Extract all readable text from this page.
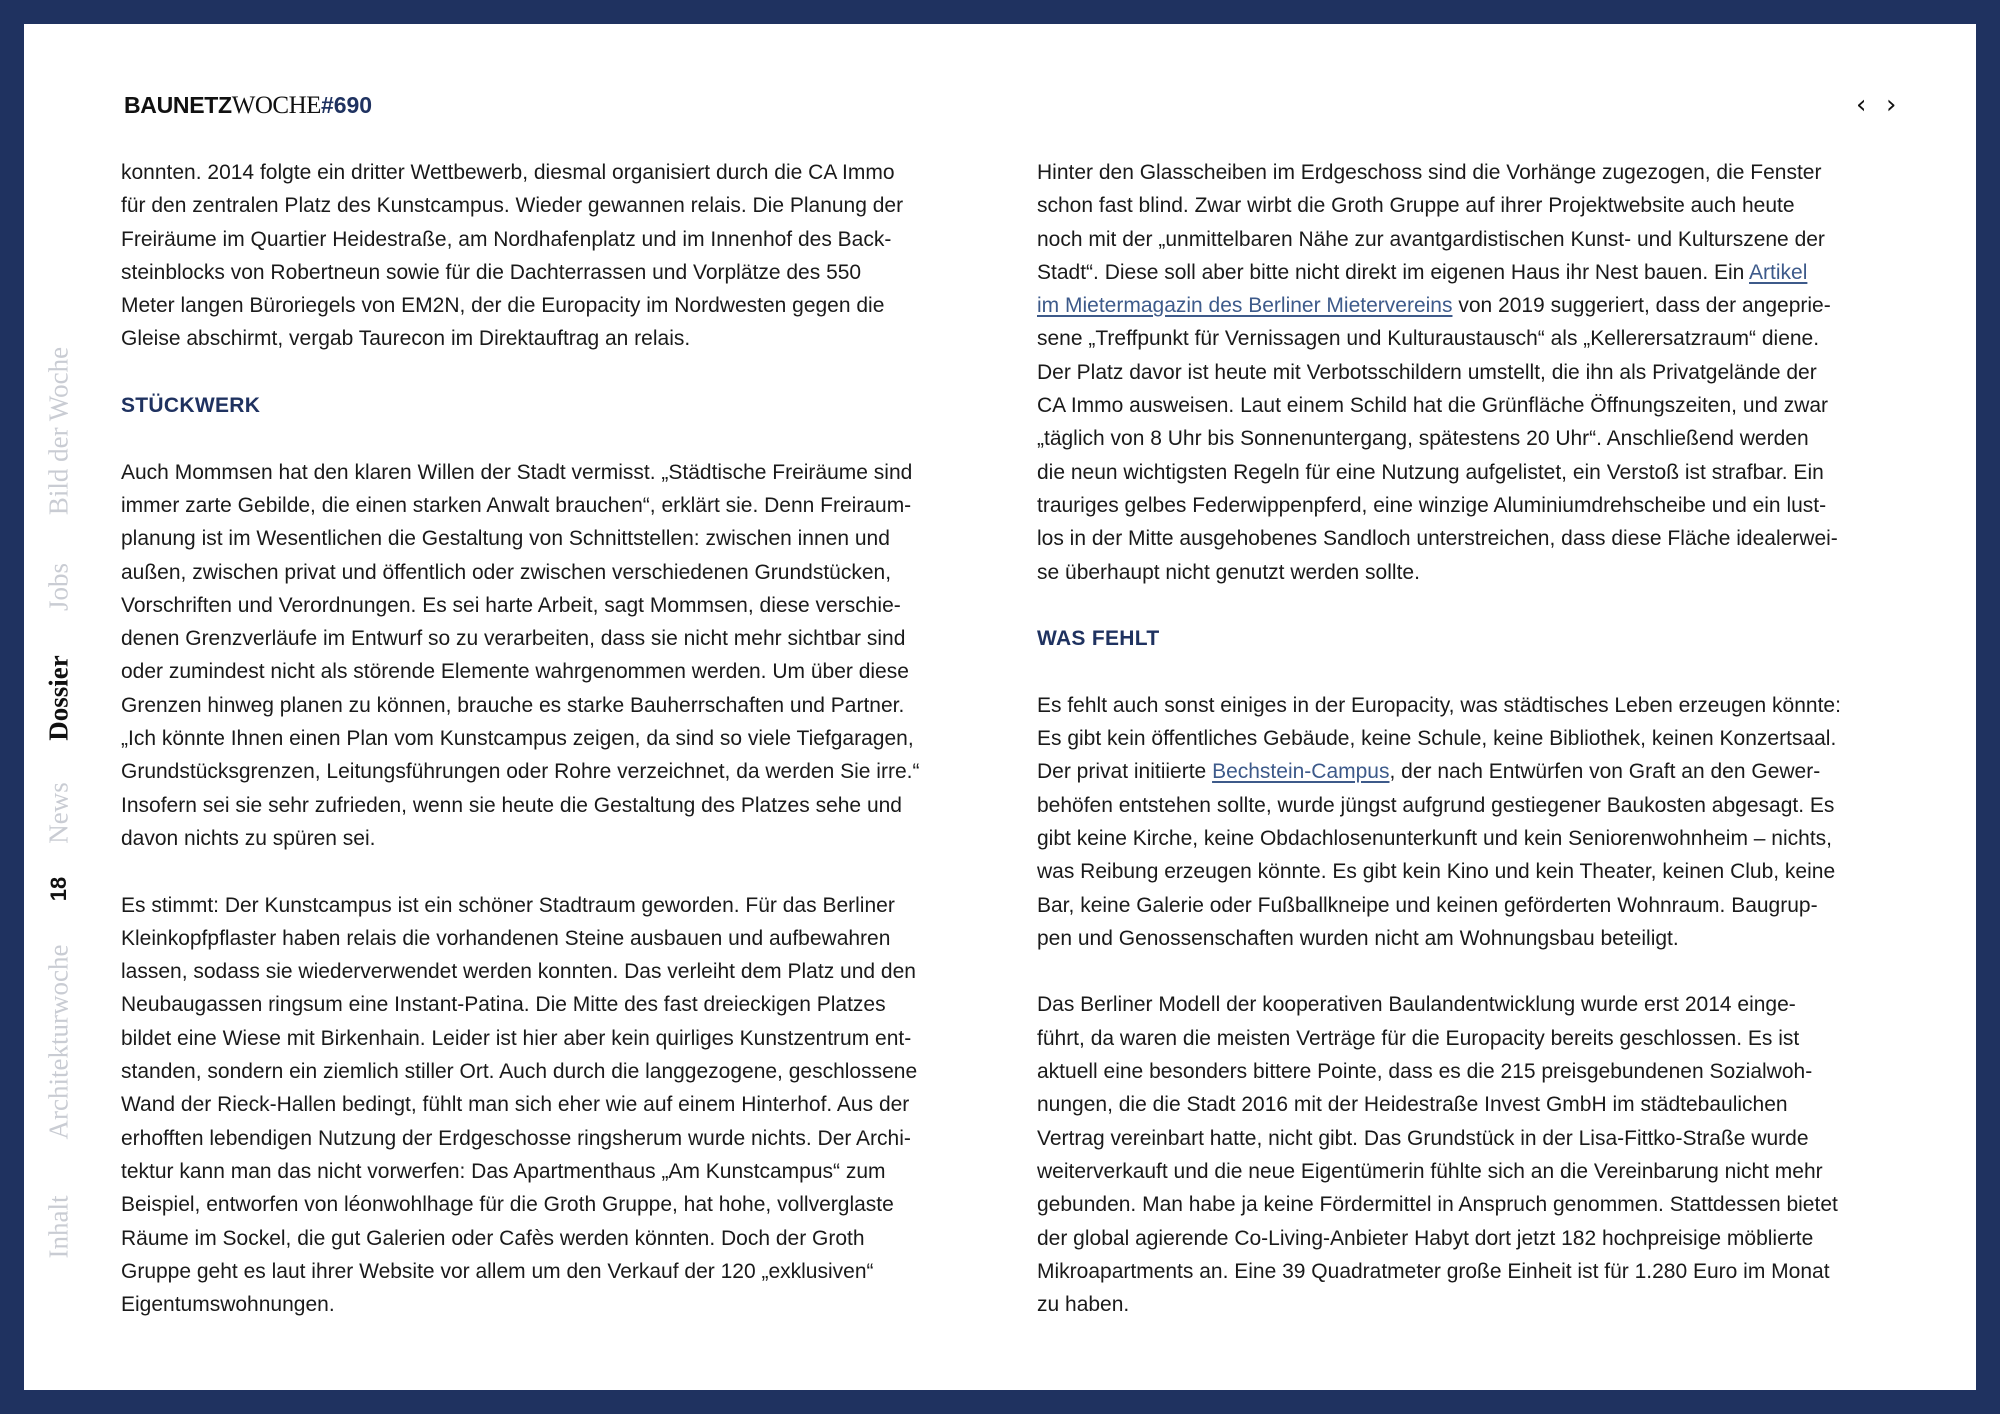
BAUNETZWOCHE#690	‹ ›
Bild der Woche
Jobs
Dossier
News
18
Architekturwoche
Inhalt
konnten. 2014 folgte ein dritter Wettbewerb, diesmal organisiert durch die CA Immo
für den zentralen Platz des Kunstcampus. Wieder gewannen relais. Die Planung der
Freiräume im Quartier Heidestraße, am Nordhafenplatz und im Innenhof des Back-
steinblocks von Robertneun sowie für die Dachterrassen und Vorplätze des 550
Meter langen Büroriegels von EM2N, der die Europacity im Nordwesten gegen die
Gleise abschirmt, vergab Taurecon im Direktauftrag an relais.
STÜCKWERK
Auch Mommsen hat den klaren Willen der Stadt vermisst. „Städtische Freiräume sind
immer zarte Gebilde, die einen starken Anwalt brauchen“, erklärt sie. Denn Freiraum-
planung ist im Wesentlichen die Gestaltung von Schnittstellen: zwischen innen und
außen, zwischen privat und öffentlich oder zwischen verschiedenen Grundstücken,
Vorschriften und Verordnungen. Es sei harte Arbeit, sagt Mommsen, diese verschie-
denen Grenzverläufe im Entwurf so zu verarbeiten, dass sie nicht mehr sichtbar sind
oder zumindest nicht als störende Elemente wahrgenommen werden. Um über diese
Grenzen hinweg planen zu können, brauche es starke Bauherrschaften und Partner.
„Ich könnte Ihnen einen Plan vom Kunstcampus zeigen, da sind so viele Tiefgaragen,
Grundstücksgrenzen, Leitungsführungen oder Rohre verzeichnet, da werden Sie irre.“
Insofern sei sie sehr zufrieden, wenn sie heute die Gestaltung des Platzes sehe und
davon nichts zu spüren sei.
Es stimmt: Der Kunstcampus ist ein schöner Stadtraum geworden. Für das Berliner
Kleinkopfpflaster haben relais die vorhandenen Steine ausbauen und aufbewahren
lassen, sodass sie wiederverwendet werden konnten. Das verleiht dem Platz und den
Neubaugassen ringsum eine Instant-Patina. Die Mitte des fast dreieckigen Platzes
bildet eine Wiese mit Birkenhain. Leider ist hier aber kein quirliges Kunstzentrum ent-
standen, sondern ein ziemlich stiller Ort. Auch durch die langgezogene, geschlossene
Wand der Rieck-Hallen bedingt, fühlt man sich eher wie auf einem Hinterhof. Aus der
erhofften lebendigen Nutzung der Erdgeschosse ringsherum wurde nichts. Der Archi-
tektur kann man das nicht vorwerfen: Das Apartmenthaus „Am Kunstcampus“ zum
Beispiel, entworfen von léonwohlhage für die Groth Gruppe, hat hohe, vollverglaste
Räume im Sockel, die gut Galerien oder Cafès werden könnten. Doch der Groth
Gruppe geht es laut ihrer Website vor allem um den Verkauf der 120 „exklusiven“
Eigentumswohnungen.
Hinter den Glasscheiben im Erdgeschoss sind die Vorhänge zugezogen, die Fenster
schon fast blind. Zwar wirbt die Groth Gruppe auf ihrer Projektwebsite auch heute
noch mit der „unmittelbaren Nähe zur avantgardistischen Kunst- und Kulturszene der
Stadt“. Diese soll aber bitte nicht direkt im eigenen Haus ihr Nest bauen. Ein Artikel
im Mietermagazin des Berliner Mietervereins von 2019 suggeriert, dass der angeprie-
sene „Treffpunkt für Vernissagen und Kulturaustausch“ als „Kellerersatzraum“ diene.
Der Platz davor ist heute mit Verbotsschildern umstellt, die ihn als Privatgelände der
CA Immo ausweisen. Laut einem Schild hat die Grünfläche Öffnungszeiten, und zwar
„täglich von 8 Uhr bis Sonnenuntergang, spätestens 20 Uhr“. Anschließend werden
die neun wichtigsten Regeln für eine Nutzung aufgelistet, ein Verstoß ist strafbar. Ein
trauriges gelbes Federwippenpferd, eine winzige Aluminiumdrehscheibe und ein lust-
los in der Mitte ausgehobenes Sandloch unterstreichen, dass diese Fläche idealerwei-
se überhaupt nicht genutzt werden sollte.
WAS FEHLT
Es fehlt auch sonst einiges in der Europacity, was städtisches Leben erzeugen könnte:
Es gibt kein öffentliches Gebäude, keine Schule, keine Bibliothek, keinen Konzertsaal.
Der privat initiierte Bechstein-Campus, der nach Entwürfen von Graft an den Gewer-
behöfen entstehen sollte, wurde jüngst aufgrund gestiegener Baukosten abgesagt. Es
gibt keine Kirche, keine Obdachlosenunterkunft und kein Seniorenwohnheim – nichts,
was Reibung erzeugen könnte. Es gibt kein Kino und kein Theater, keinen Club, keine
Bar, keine Galerie oder Fußballkneipe und keinen geförderten Wohnraum. Baugrup-
pen und Genossenschaften wurden nicht am Wohnungsbau beteiligt.
Das Berliner Modell der kooperativen Baulandentwicklung wurde erst 2014 einge-
führt, da waren die meisten Verträge für die Europacity bereits geschlossen. Es ist
aktuell eine besonders bittere Pointe, dass es die 215 preisgebundenen Sozialwoh-
nungen, die die Stadt 2016 mit der Heidestraße Invest GmbH im städtebaulichen
Vertrag vereinbart hatte, nicht gibt. Das Grundstück in der Lisa-Fittko-Straße wurde
weiterverkauft und die neue Eigentümerin fühlte sich an die Vereinbarung nicht mehr
gebunden. Man habe ja keine Fördermittel in Anspruch genommen. Stattdessen bietet
der global agierende Co-Living-Anbieter Habyt dort jetzt 182 hochpreisige möblierte
Mikroapartments an. Eine 39 Quadratmeter große Einheit ist für 1.280 Euro im Monat
zu haben.
